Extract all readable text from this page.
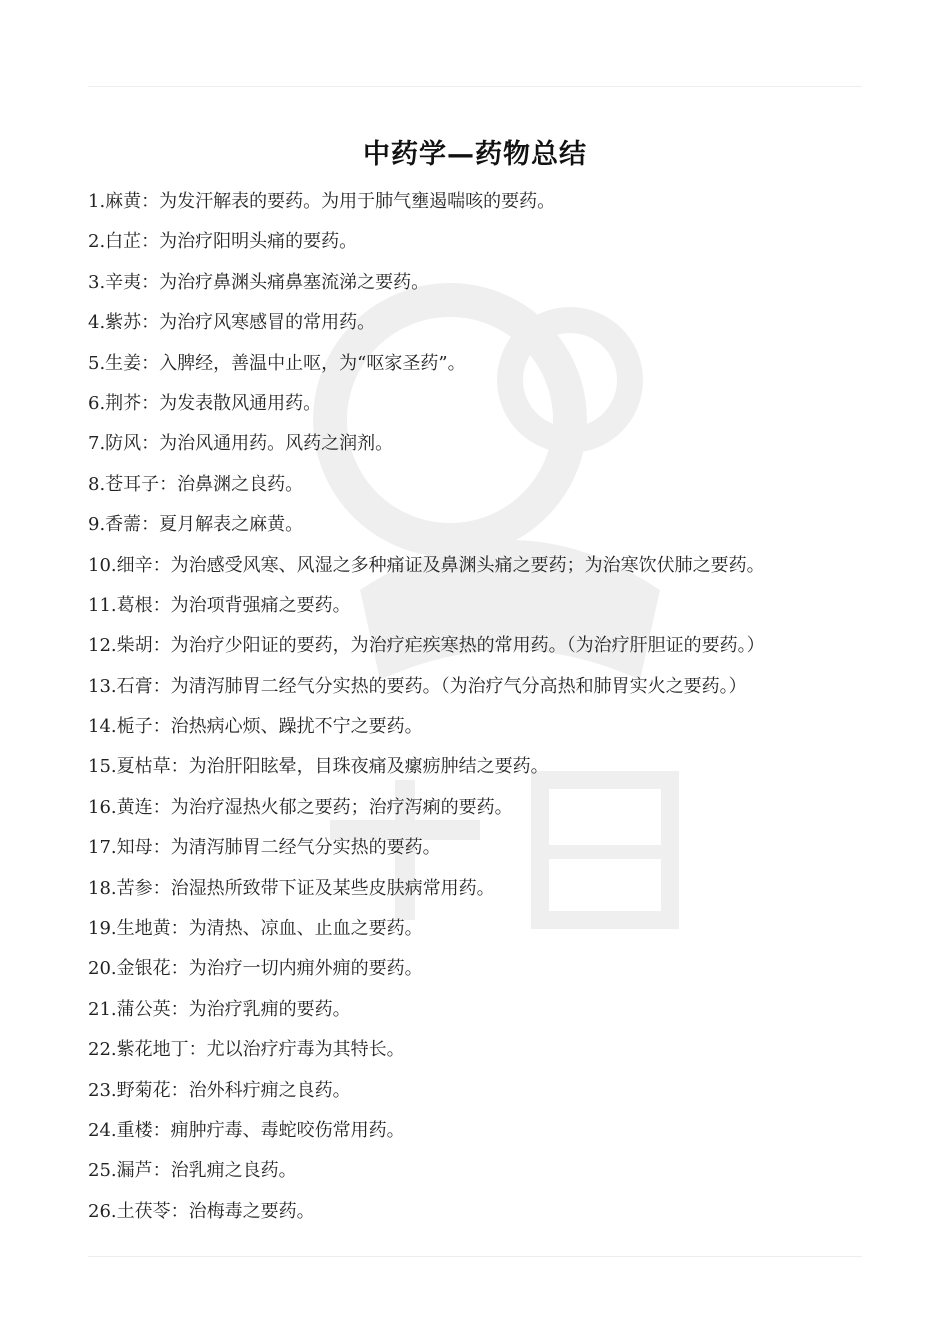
中药学—药物总结
1.麻黄：为发汗解表的要药。为用于肺气壅遏喘咳的要药。
2.白芷：为治疗阳明头痛的要药。
3.辛夷：为治疗鼻渊头痛鼻塞流涕之要药。
4.紫苏：为治疗风寒感冒的常用药。
5.生姜：入脾经，善温中止呕，为“呕家圣药”。
6.荆芥：为发表散风通用药。
7.防风：为治风通用药。风药之润剂。
8.苍耳子：治鼻渊之良药。
9.香薷：夏月解表之麻黄。
10.细辛：为治感受风寒、风湿之多种痛证及鼻渊头痛之要药；为治寒饮伏肺之要药。
11.葛根：为治项背强痛之要药。
12.柴胡：为治疗少阳证的要药，为治疗疟疾寒热的常用药。（为治疗肝胆证的要药。）
13.石膏：为清泻肺胃二经气分实热的要药。（为治疗气分高热和肺胃实火之要药。）
14.栀子：治热病心烦、躁扰不宁之要药。
15.夏枯草：为治肝阳眩晕，目珠夜痛及瘰疬肿结之要药。
16.黄连：为治疗湿热火郁之要药；治疗泻痢的要药。
17.知母：为清泻肺胃二经气分实热的要药。
18.苦参：治湿热所致带下证及某些皮肤病常用药。
19.生地黄：为清热、凉血、止血之要药。
20.金银花：为治疗一切内痈外痈的要药。
21.蒲公英：为治疗乳痈的要药。
22.紫花地丁：尤以治疗疔毒为其特长。
23.野菊花：治外科疔痈之良药。
24.重楼：痈肿疔毒、毒蛇咬伤常用药。
25.漏芦：治乳痈之良药。
26.土茯苓：治梅毒之要药。
